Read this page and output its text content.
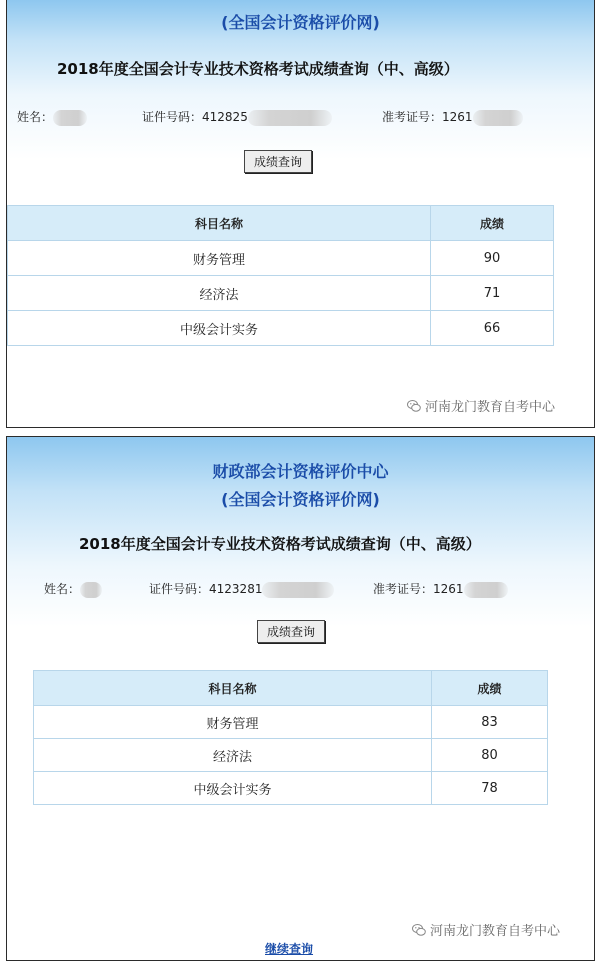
(全国会计资格评价网)
2018年度全国会计专业技术资格考试成绩查询（中、高级）
姓名：	证件号码：412825	准考证号：1261
成绩查询
科目名称	成绩
财务管理	90
经济法	71
中级会计实务	66
河南龙门教育自考中心
财政部会计资格评价中心
(全国会计资格评价网)
2018年度全国会计专业技术资格考试成绩查询（中、高级）
姓名：	证件号码：4123281	准考证号：1261
成绩查询
科目名称	成绩
财务管理	83
经济法	80
中级会计实务	78
河南龙门教育自考中心
继续查询
